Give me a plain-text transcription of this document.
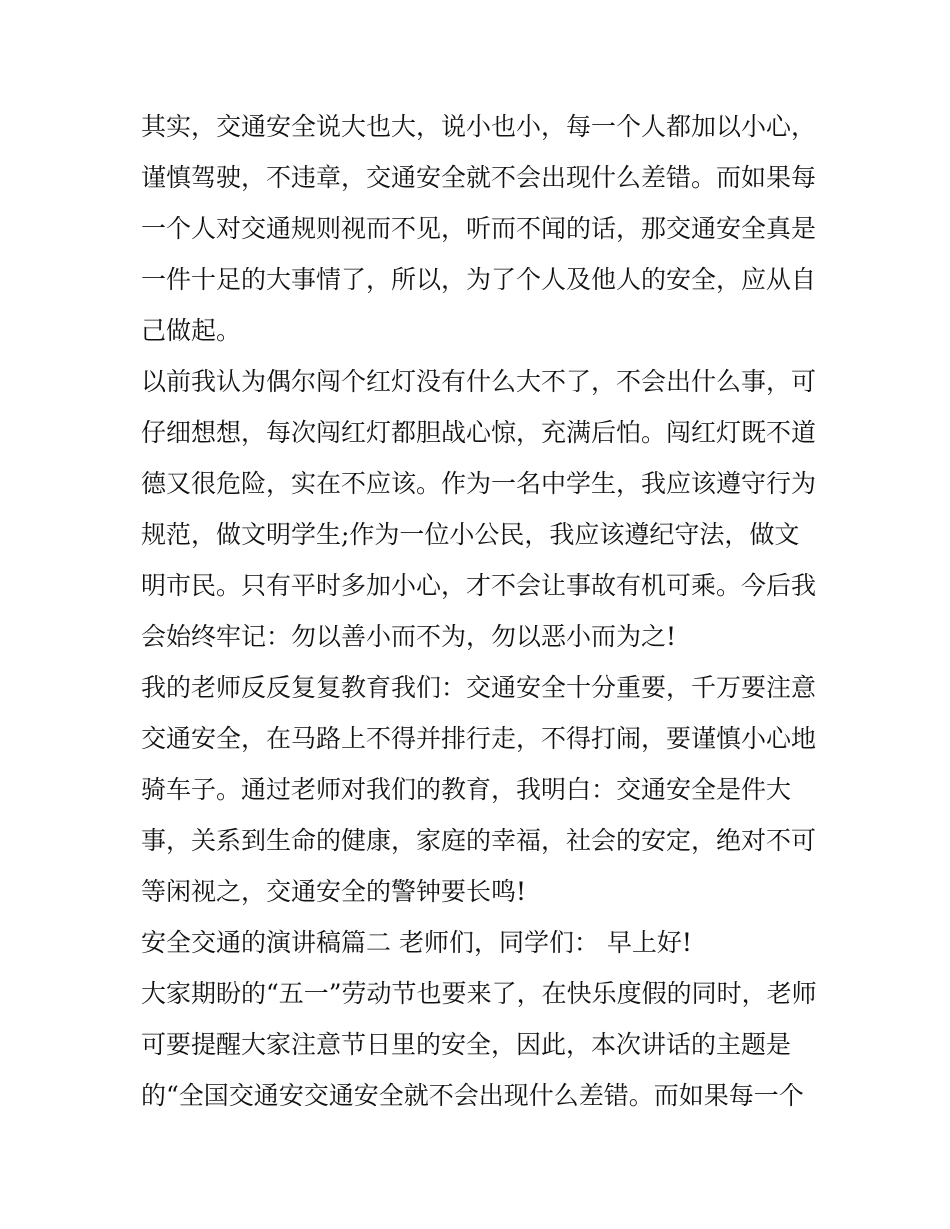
其实，交通安全说大也大，说小也小，每一个人都加以小心，
谨慎驾驶，不违章，交通安全就不会出现什么差错。而如果每
一个人对交通规则视而不见，听而不闻的话，那交通安全真是
一件十足的大事情了，所以，为了个人及他人的安全，应从自
己做起。
以前我认为偶尔闯个红灯没有什么大不了，不会出什么事，可
仔细想想，每次闯红灯都胆战心惊，充满后怕。闯红灯既不道
德又很危险，实在不应该。作为一名中学生，我应该遵守行为
规范，做文明学生;作为一位小公民，我应该遵纪守法，做文
明市民。只有平时多加小心，才不会让事故有机可乘。今后我
会始终牢记：勿以善小而不为，勿以恶小而为之!
我的老师反反复复教育我们：交通安全十分重要，千万要注意
交通安全，在马路上不得并排行走，不得打闹，要谨慎小心地
骑车子。通过老师对我们的教育，我明白：交通安全是件大
事，关系到生命的健康，家庭的幸福，社会的安定，绝对不可
等闲视之，交通安全的警钟要长鸣!
安全交通的演讲稿篇二 老师们，同学们： 早上好!
大家期盼的“五一”劳动节也要来了，在快乐度假的同时，老师
可要提醒大家注意节日里的安全，因此，本次讲话的主题是
的“全国交通安交通安全就不会出现什么差错。而如果每一个
